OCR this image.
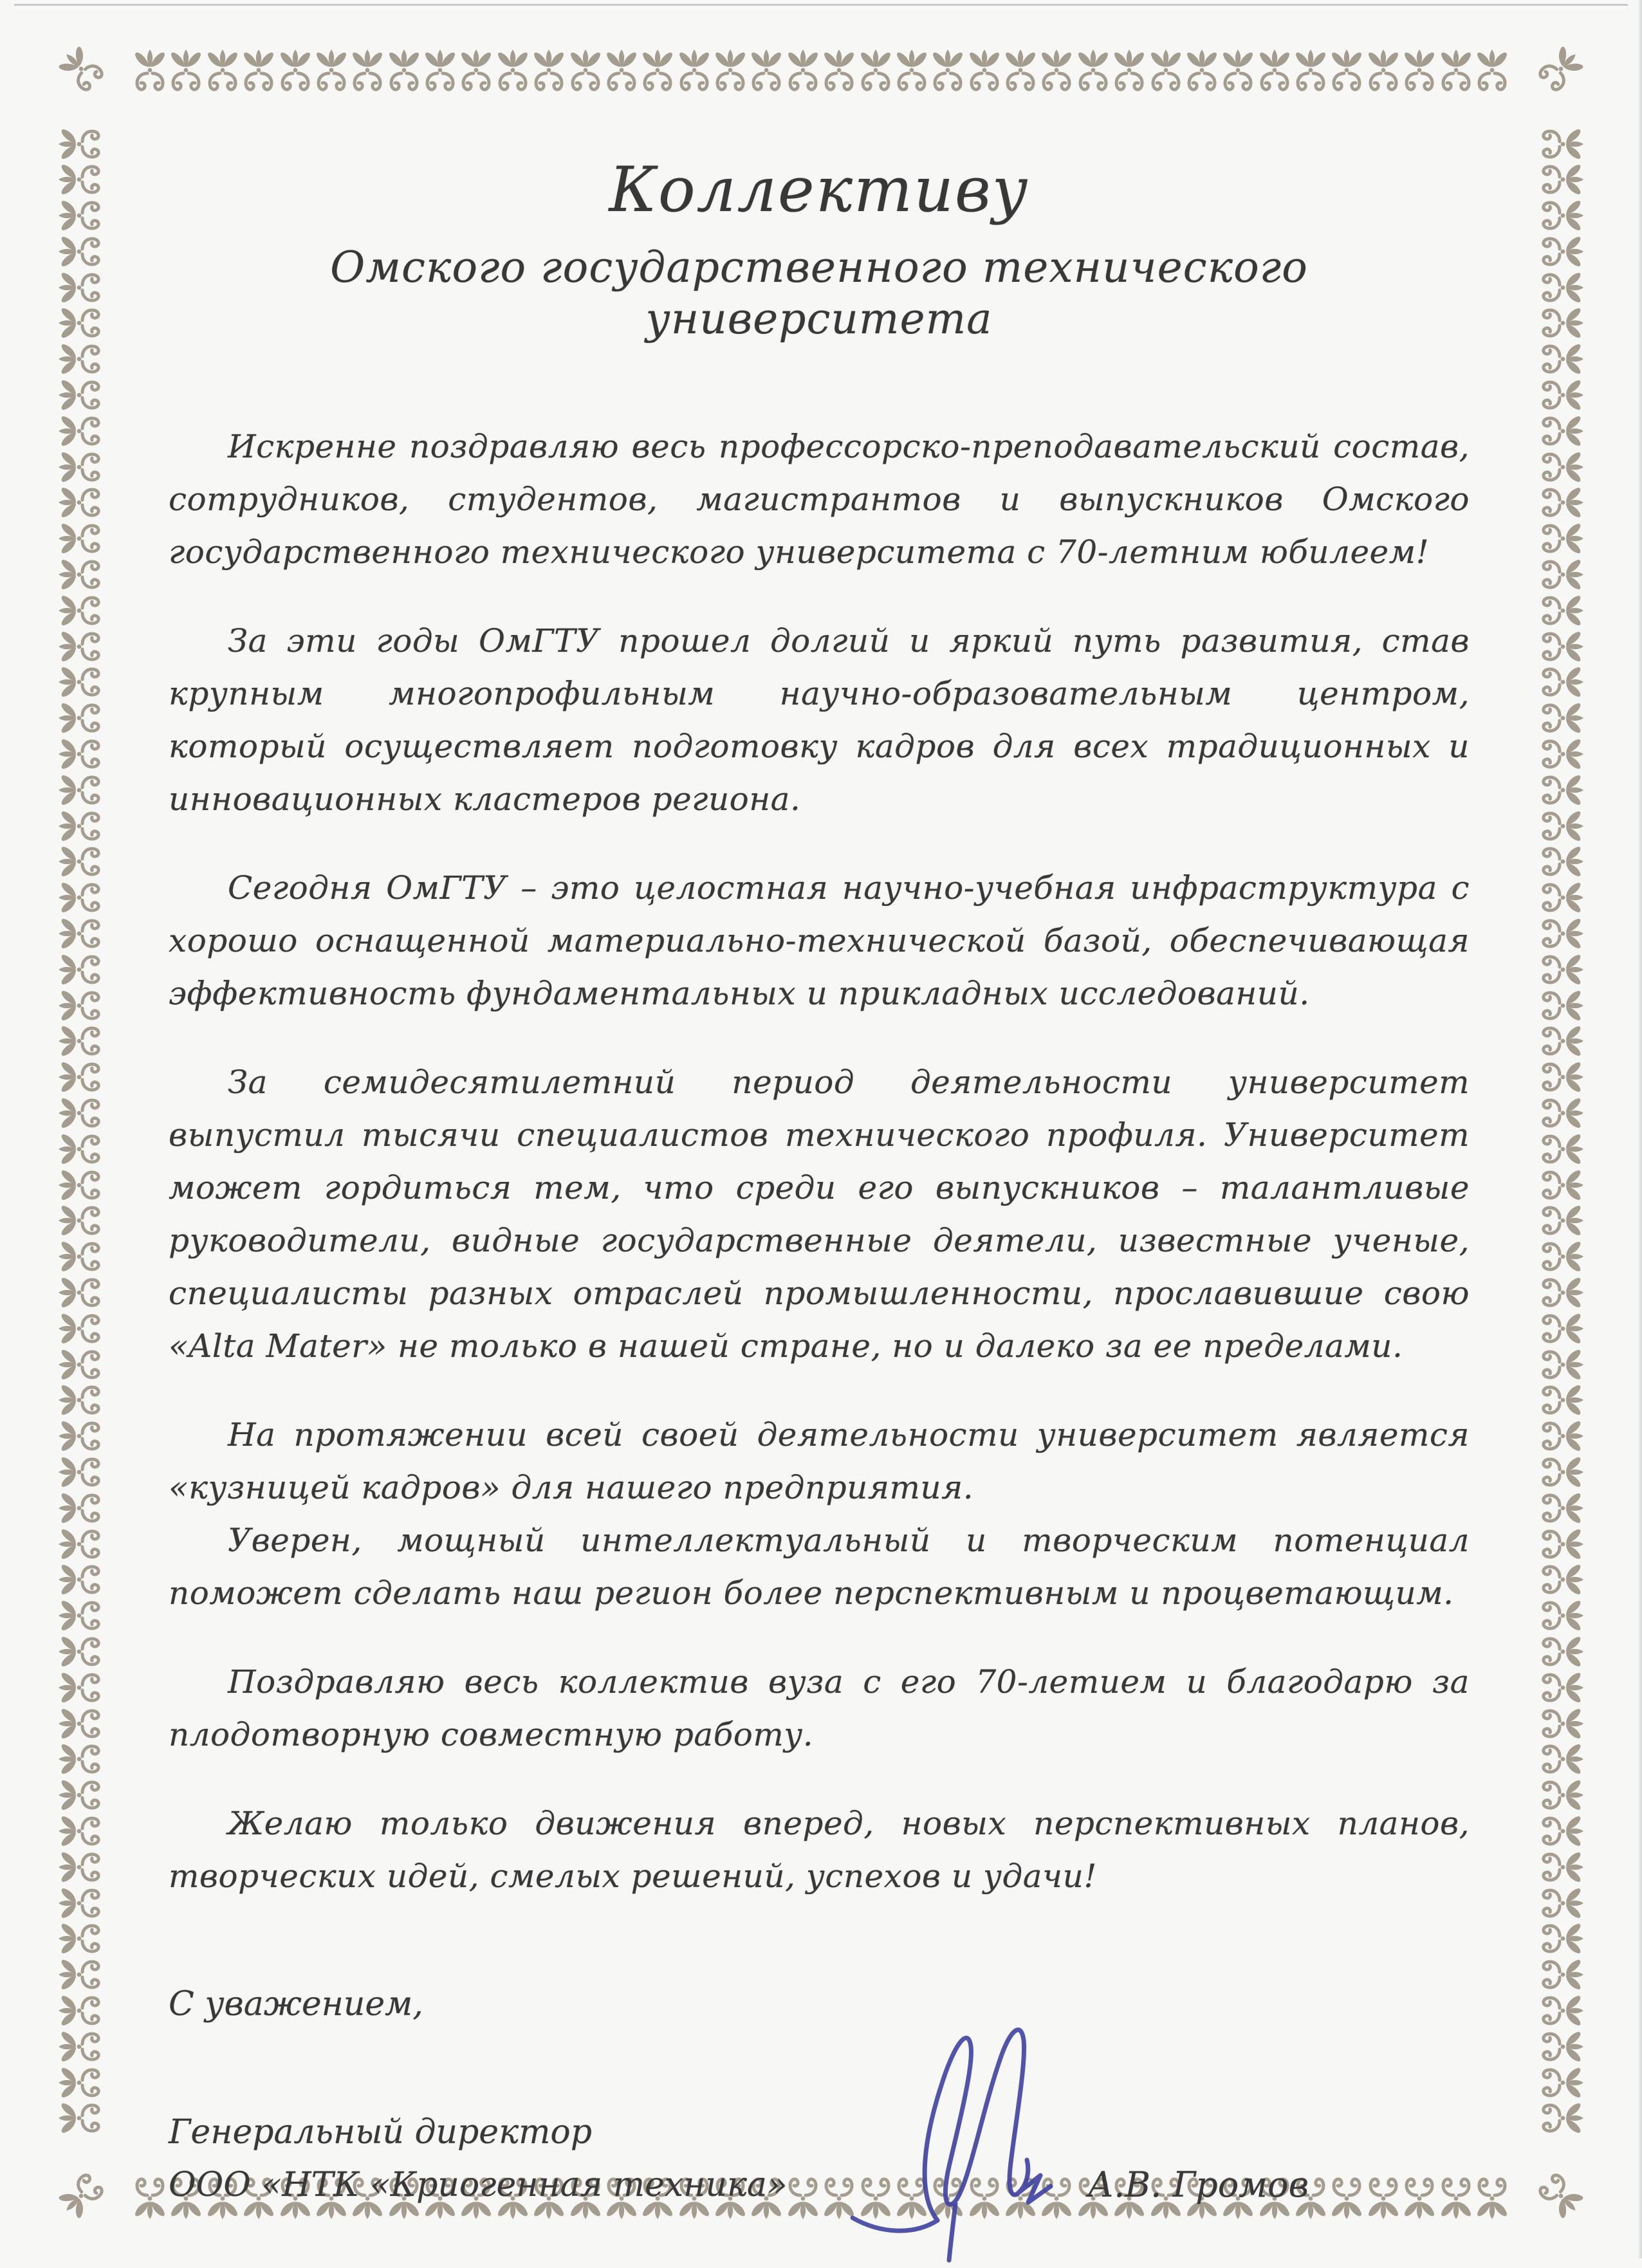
Коллективу
Омского государственного технического университета

Искренне поздравляю весь профессорско-преподавательский состав, сотрудников, студентов, магистрантов и выпускников Омского государственного технического университета с 70-летним юбилеем!

За эти годы ОмГТУ прошел долгий и яркий путь развития, став крупным многопрофильным научно-образовательным центром, который осуществляет подготовку кадров для всех традиционных и инновационных кластеров региона.

Сегодня ОмГТУ – это целостная научно-учебная инфраструктура с хорошо оснащенной материально-технической базой, обеспечивающая эффективность фундаментальных и прикладных исследований.

За семидесятилетний период деятельности университет выпустил тысячи специалистов технического профиля. Университет может гордиться тем, что среди его выпускников – талантливые руководители, видные государственные деятели, известные ученые, специалисты разных отраслей промышленности, прославившие свою «Alta Mater» не только в нашей стране, но и далеко за ее пределами.

На протяжении всей своей деятельности университет является «кузницей кадров» для нашего предприятия.

Уверен, мощный интеллектуальный и творческим потенциал поможет сделать наш регион более перспективным и процветающим.

Поздравляю весь коллектив вуза с его 70-летием и благодарю за плодотворную совместную работу.

Желаю только движения вперед, новых перспективных планов, творческих идей, смелых решений, успехов и удачи!

С уважением,
Генеральный директор
ООО «НТК «Криогенная техника»	А.В. Громов
